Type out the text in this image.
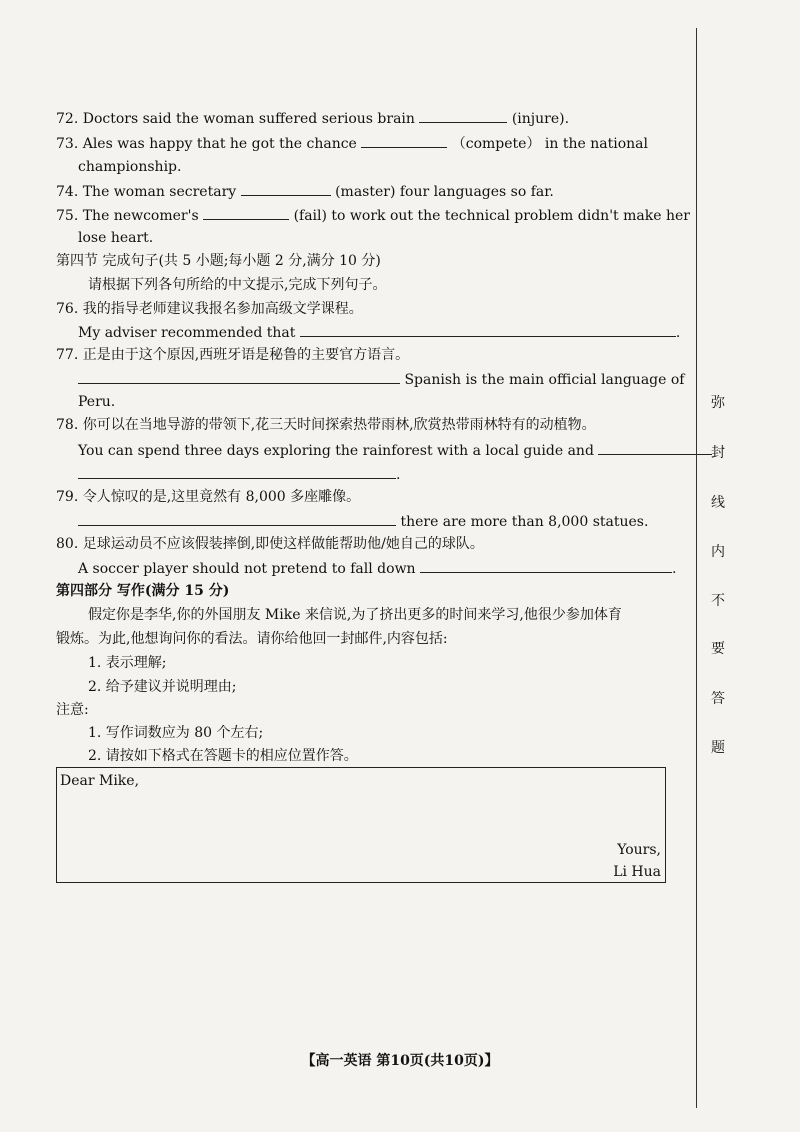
72. Doctors said the woman suffered serious brain	(injure).
73. Ales was happy that he got the chance	（compete） in the national
championship.
74. The woman secretary	(master) four languages so far.
75. The newcomer's	(fail) to work out the technical problem didn't make her
lose heart.
第四节 完成句子(共 5 小题;每小题 2 分,满分 10 分)
请根据下列各句所给的中文提示,完成下列句子。
76. 我的指导老师建议我报名参加高级文学课程。
My adviser recommended that	.
77. 正是由于这个原因,西班牙语是秘鲁的主要官方语言。
Spanish is the main official language of
Peru.
78. 你可以在当地导游的带领下,花三天时间探索热带雨林,欣赏热带雨林特有的动植物。
You can spend three days exploring the rainforest with a local guide and
.
79. 令人惊叹的是,这里竟然有 8,000 多座雕像。
there are more than 8,000 statues.
80. 足球运动员不应该假装摔倒,即使这样做能帮助他/她自己的球队。
A soccer player should not pretend to fall down	.
第四部分 写作(满分 15 分)
假定你是李华,你的外国朋友 Mike 来信说,为了挤出更多的时间来学习,他很少参加体育
锻炼。为此,他想询问你的看法。请你给他回一封邮件,内容包括:
1. 表示理解;
2. 给予建议并说明理由;
注意:
1. 写作词数应为 80 个左右;
2. 请按如下格式在答题卡的相应位置作答。
Dear Mike,
Yours,
Li Hua
弥
封
线
内
不
要
答
题
【高一英语 第10页(共10页)】
